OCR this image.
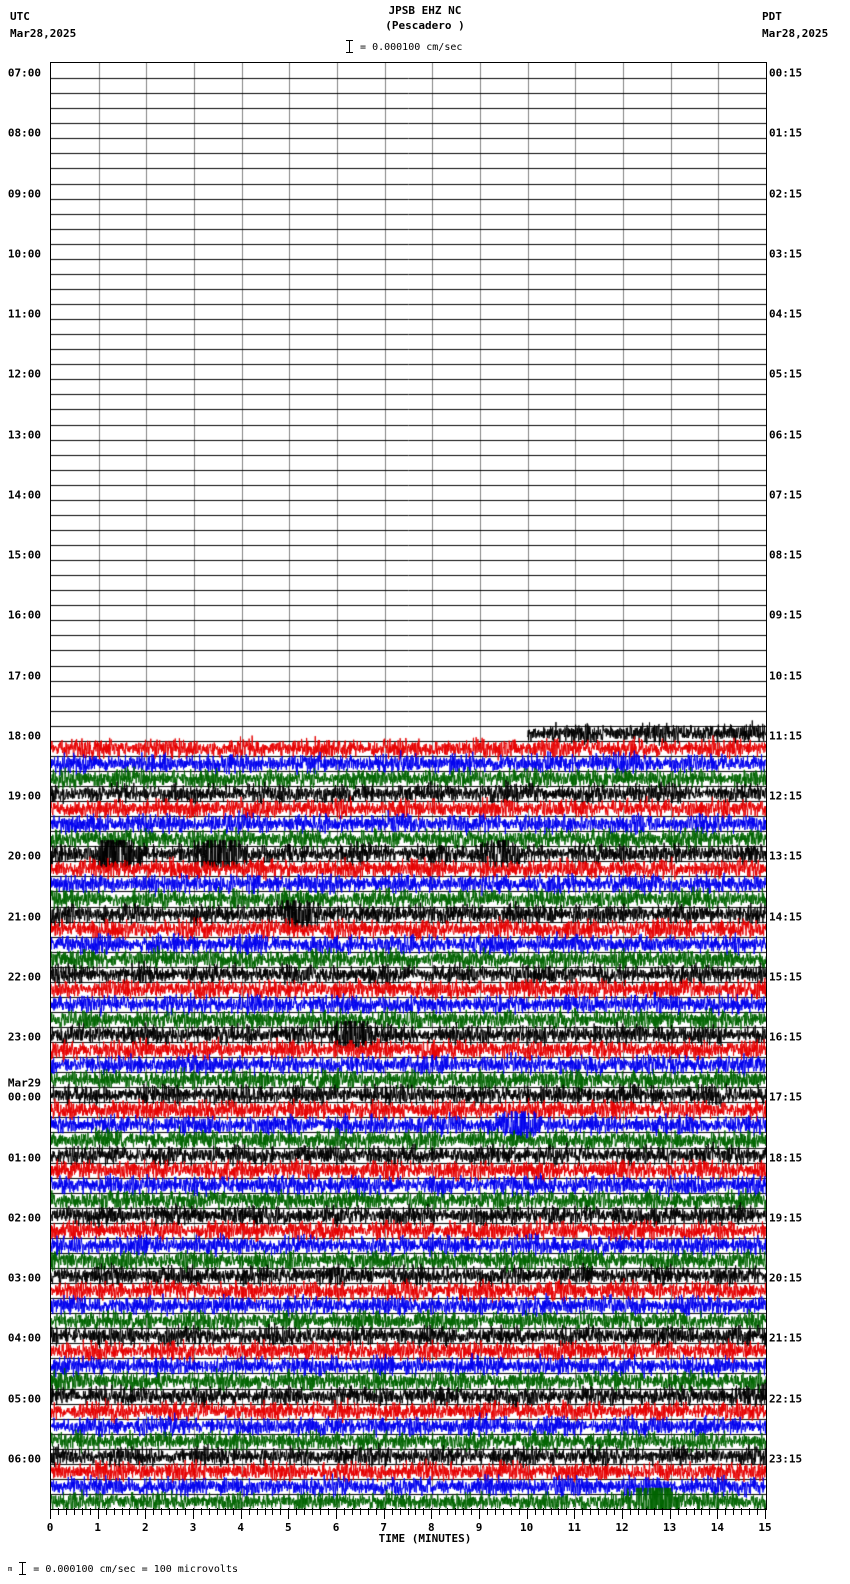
UTC
Mar28,2025
PDT
Mar28,2025
JPSB EHZ NC
(Pescadero )
= 0.000100 cm/sec
07:00
08:00
09:00
10:00
11:00
12:00
13:00
14:00
15:00
16:00
17:00
18:00
19:00
20:00
21:00
22:00
23:00
Mar29
00:00
01:00
02:00
03:00
04:00
05:00
06:00
00:15
01:15
02:15
03:15
04:15
05:15
06:15
07:15
08:15
09:15
10:15
11:15
12:15
13:15
14:15
15:15
16:15
17:15
18:15
19:15
20:15
21:15
22:15
23:15
0	1	2	3	4	5	6	7	8	9	10	11	12	13	14	15
TIME (MINUTES)
m = 0.000100 cm/sec = 100 microvolts
